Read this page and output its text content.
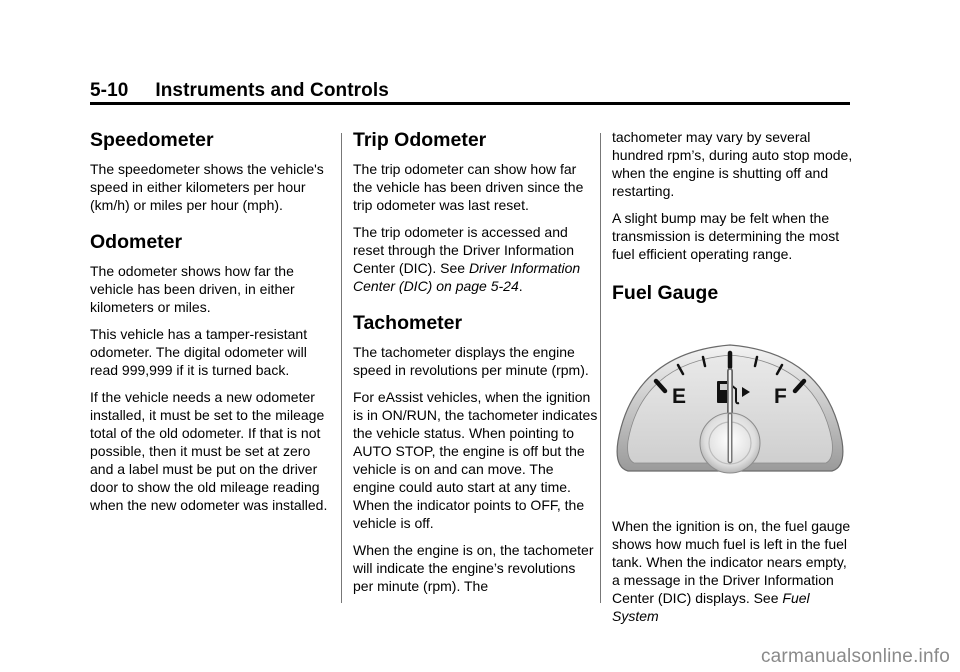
5-10     Instruments and Controls
Speedometer

The speedometer shows the vehicle's speed in either kilometers per hour (km/h) or miles per hour (mph).

Odometer

The odometer shows how far the vehicle has been driven, in either kilometers or miles.

This vehicle has a tamper-resistant odometer. The digital odometer will read 999,999 if it is turned back.

If the vehicle needs a new odometer installed, it must be set to the mileage total of the old odometer. If that is not possible, then it must be set at zero and a label must be put on the driver door to show the old mileage reading when the new odometer was installed.

Trip Odometer

The trip odometer can show how far the vehicle has been driven since the trip odometer was last reset.

The trip odometer is accessed and reset through the Driver Information Center (DIC). See Driver Information Center (DIC) on page 5-24.

Tachometer

The tachometer displays the engine speed in revolutions per minute (rpm).

For eAssist vehicles, when the ignition is in ON/RUN, the tachometer indicates the vehicle status. When pointing to AUTO STOP, the engine is off but the vehicle is on and can move. The engine could auto start at any time. When the indicator points to OFF, the vehicle is off.

When the engine is on, the tachometer will indicate the engine’s revolutions per minute (rpm). The

tachometer may vary by several hundred rpm’s, during auto stop mode, when the engine is shutting off and restarting.

A slight bump may be felt when the transmission is determining the most fuel efficient operating range.

Fuel Gauge
E	F

When the ignition is on, the fuel gauge shows how much fuel is left in the fuel tank. When the indicator nears empty, a message in the Driver Information Center (DIC) displays. See Fuel System

carmanualsonline.info
